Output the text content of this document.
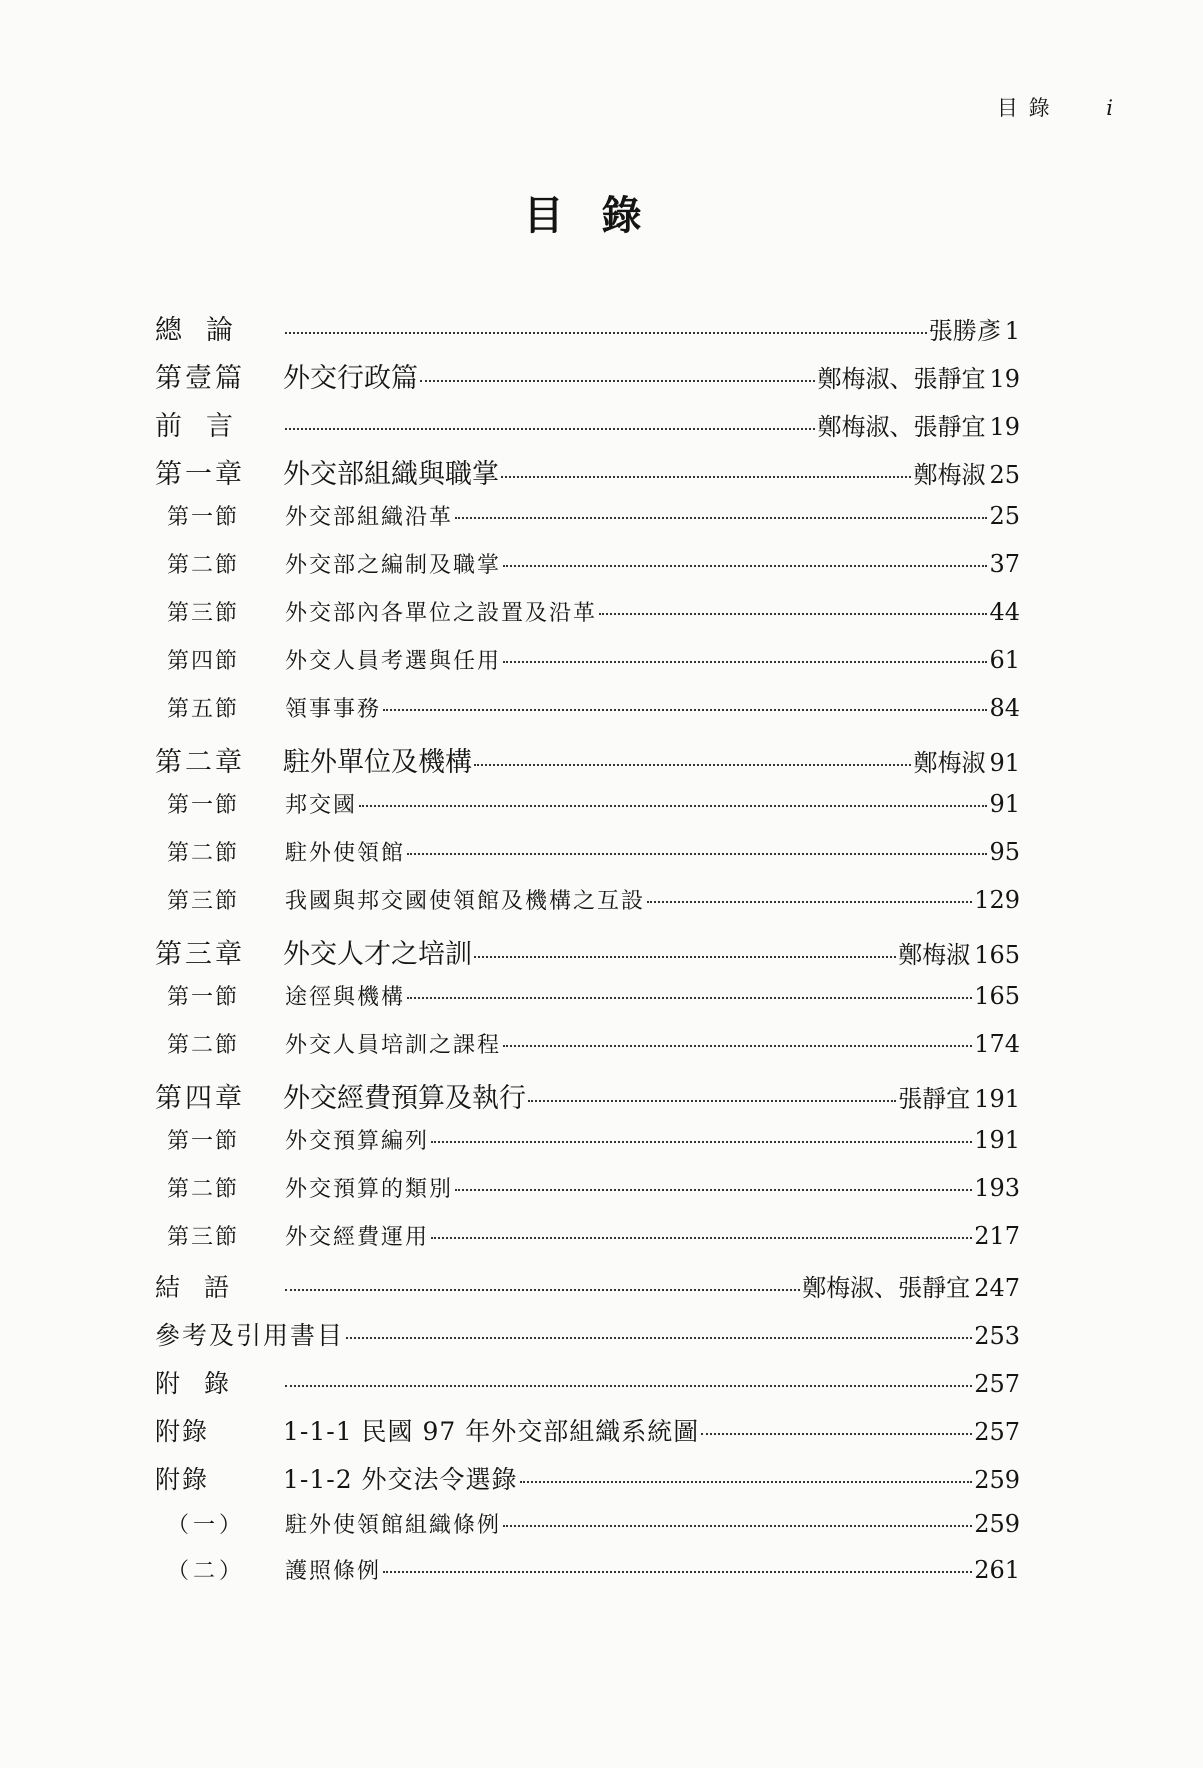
目 錄	i
目錄
總論	張勝彥 1
第壹篇	外交行政篇	鄭梅淑、張靜宜 19
前言	鄭梅淑、張靜宜 19
第一章	外交部組織與職掌	鄭梅淑 25
第一節	外交部組織沿革	25
第二節	外交部之編制及職掌	37
第三節	外交部內各單位之設置及沿革	44
第四節	外交人員考選與任用	61
第五節	領事事務	84
第二章	駐外單位及機構	鄭梅淑 91
第一節	邦交國	91
第二節	駐外使領館	95
第三節	我國與邦交國使領館及機構之互設	129
第三章	外交人才之培訓	鄭梅淑 165
第一節	途徑與機構	165
第二節	外交人員培訓之課程	174
第四章	外交經費預算及執行	張靜宜 191
第一節	外交預算編列	191
第二節	外交預算的類別	193
第三節	外交經費運用	217
結語	鄭梅淑、張靜宜 247
參考及引用書目	253
附錄	257
附錄	1-1-1 民國 97 年外交部組織系統圖	257
附錄	1-1-2 外交法令選錄	259
（一）	駐外使領館組織條例	259
（二）	護照條例	261
